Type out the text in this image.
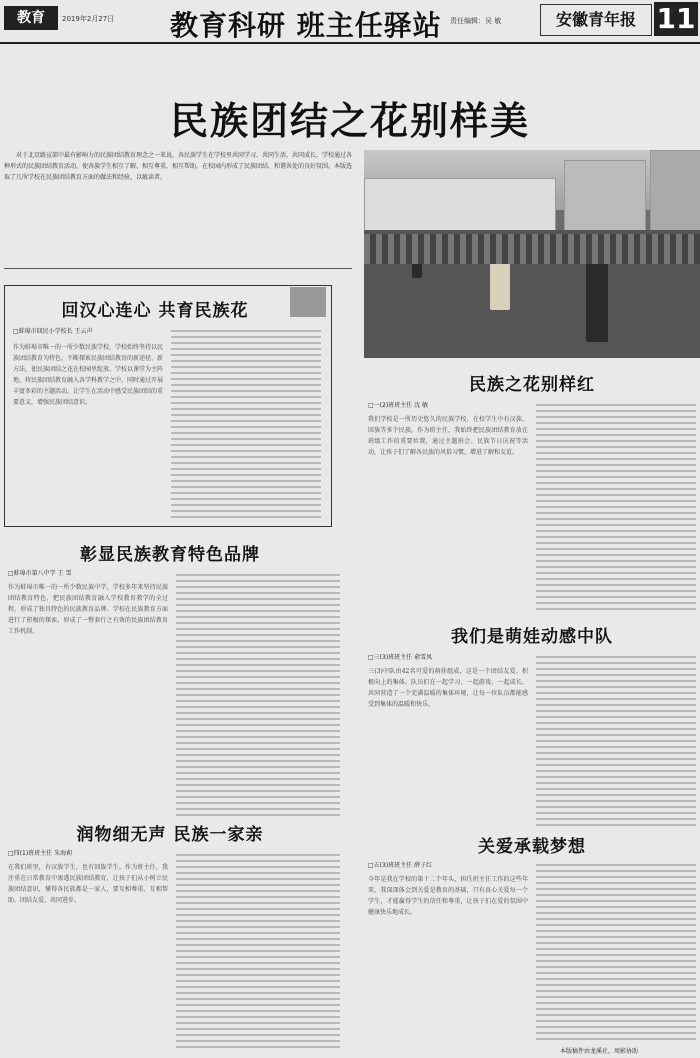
教育	2019年2月27日 教育科研 班主任驿站 责任编辑：吴 敏	安徽青年报 11
民族团结之花别样美
对于北京路宣部中最有影响力的民族团结教育理念之一来说，各民族学生在学校里共同学习、共同生活、共同成长，学校通过各种形式的民族团结教育活动，使各族学生相互了解、相互尊重、相互帮助，在校园内形成了民族团结、和谐共处的良好氛围。本版选取了几所学校在民族团结教育方面的做法和经验，以飨读者。
回汉心连心 共育民族花
□蚌埠市回民小学校长 王云声
作为蚌埠市唯一的一所少数民族学校，学校始终坚持以民族团结教育为特色，不断探索民族团结教育的新途径、新方法，使民族团结之花在校园里绽放。学校以课堂为主阵地，将民族团结教育融入各学科教学之中，同时通过开展丰富多彩的主题活动，让学生在活动中感受民族团结的重要意义，增强民族团结意识。
彰显民族教育特色品牌
□蚌埠市第八中学 王 雪
作为蚌埠市唯一的一所少数民族中学，学校多年来坚持民族团结教育特色，把民族团结教育融入学校教育教学的全过程，形成了独具特色的民族教育品牌。学校在民族教育方面进行了积极的探索，形成了一整套行之有效的民族团结教育工作机制。
润物细无声 民族一家亲
□四(1)班班主任 朱海莉
在我们班里，有汉族学生，也有回族学生。作为班主任，我注重在日常教育中渗透民族团结教育，让孩子们从小树立民族团结意识，懂得各民族都是一家人，要互相尊重、互相帮助、团结友爱、共同进步。
民族之花别样红
□一(2)班班主任 沈 敏
我们学校是一所历史悠久的民族学校，在校学生中有汉族、回族等多个民族。作为班主任，我始终把民族团结教育放在班级工作的重要位置，通过主题班会、民族节日庆祝等活动，让孩子们了解各民族的风俗习惯，增进了解和友谊。
我们是萌娃动感中队
□三(3)班班主任 俞雪凤
三(3)中队由42名可爱的萌娃组成，这是一个团结友爱、积极向上的集体。队员们在一起学习、一起游戏、一起成长，共同营造了一个充满温暖的集体环境，让每一位队员都能感受到集体的温暖和快乐。
关爱承载梦想
□五(3)班班主任 薛子红
今年是我在学校的第十二个年头，担任班主任工作的这些年来，我深深体会到关爱是教育的基础，只有真心关爱每一个学生，才能赢得学生的信任和尊重，让孩子们在爱的氛围中健康快乐地成长。
本版稿件由龙溪社，周影协助
